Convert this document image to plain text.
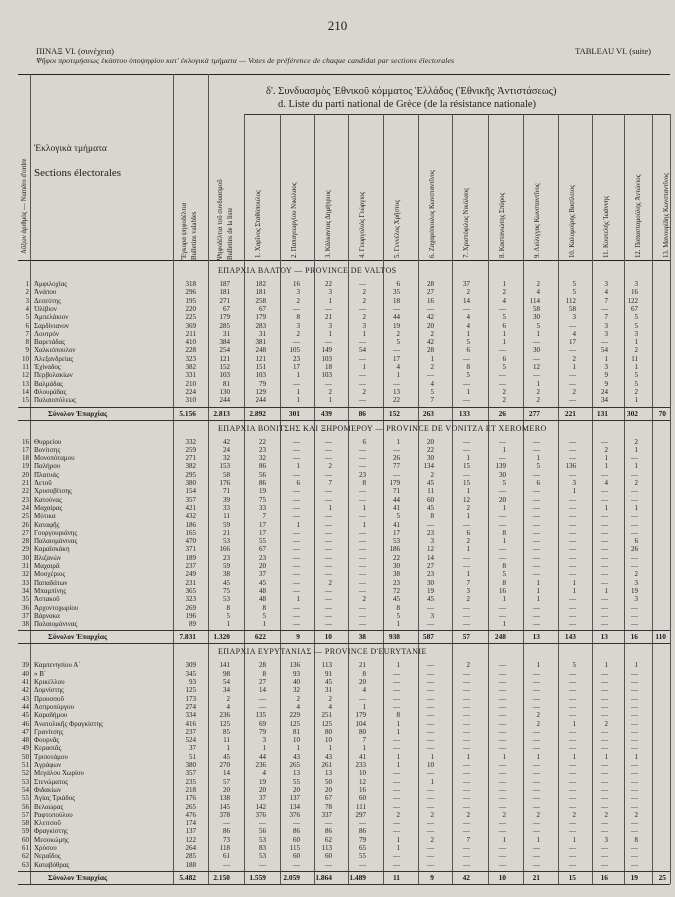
210
ΠΙΝΑΞ VI. (συνέχεια)	TABLEAU VI. (suite)
Ψῆφοι προτιμήσεως ἑκάστου ὑποψηφίου κατ' ἐκλογικὰ τμήματα — Votes de préférence de chaque candidat par sections électorales
Αὔξων ἀριθμός — Numéro d'ordre
Ἐκλογικὰ τμήματα
Sections électorales
Ἔγκυρα ψηφοδέλτια Bulletins valables	Ψηφοδέλτια τοῦ συνδυασμοῦ Bulletins de la liste
δ'. Συνδυασμὸς Ἐθνικοῦ κόμματος Ἑλλάδος (Ἐθνικῆς Ἀντιστάσεως)
d. Liste du parti national de Grèce (de la résistance nationale)
1. Χαρῖνος Σταθόπουλος	2. Παπαγεωργίου Νικόλαος	3. Κάλκαντας Δημήτριος	4. Γεωργολιός Γεώργιος	5. Γεννέλος Χρῆστος	6. Ζαχαρόπουλος Κωνσταντῖνος	7. Χριστόφιλος Νικόλαος	8. Καστανιώτης Σπύρος	9. Λιόλιγγας Κωνσταντῖνος	10. Καλομοίρης Βασίλειος	11. Κουτελής Ἰωάννης	12. Παπασταμούλης Ἀντώνιος	13. Μανουρίδης Κωνσταντῖνος
ΕΠΑΡΧΙΑ ΒΑΛΤΟΥ — PROVINCE DE VALTOS
1 Ἀμφιλοχίας	318	187	182	16	22	—	6	28	37	1	2	5	3	3
2 Ἀνάπου	296	181	181	3	3	2	35	27	2	2	4	5	4	16
3 Δεσεύτης	195	271	258	2	1	2	18	16	14	4	114	112	7	122
4 Ὀλίβιον	220	67	67	—	—	—	—	—	—	—	58	58	—	67
5 Ἀμπελάκιον	225	179	179	8	21	2	44	42	4	5	30	3	7	5
6 Σαρδίνιανον	369	285	283	3	3	3	19	20	4	6	5	—	3	5
7 Λουτρόν	211	31	31	2	1	1	2	2	1	1	1	4	3	3
8 Βαρετάδας	410	384	381	—	—	—	5	42	5	1	—	17	—	1
9 Χαλκιόπουλον	228	254	248	105	149	54	—	28	6	—	30	—	54	2
10 Ἀλεξανδρείας	323	121	121	23	103	—	17	1	—	6	—	2	1	11
11 Ἐχίναδος	382	152	151	17	18	1	4	2	8	5	12	1	3	1
12 Περβολακίων	331	103	103	1	103	—	1	—	5	—	—	—	9	5
13 Βαλμάδας	210	81	79	—	—	—	—	4	—	—	1	—	9	5
14 Φλουράδας	224	130	129	1	2	2	13	5	1	2	2	2	24	2
15 Παλαιοπόλεως	310	244	244	1	1	—	22	7	—	2	2	—	34	1
Σύνολον Ἐπαρχίας	5.156	2.813	2.892	301	439	86	152	263	133	26	277	221	131	302	70
ΕΠΑΡΧΙΑ ΒΟΝΙΤΣΗΣ ΚΑΙ ΞΗΡΟΜΕΡΟΥ — PROVINCE DE VONITZA ET XEROMERO
16 Θυρρείου	332	42	22	—	—	6	1	20	—	—	—	—	—	2
17 Βονίτσης	259	24	23	—	—	—	—	22	—	1	—	—	2	1
18 Μονοπόταμου	271	32	32	—	—	—	26	30	1	—	1	—	1	—
19 Παλήρου	382	153	86	1	2	—	77	134	15	139	5	136	1	1
20 Πλατυάς	295	58	56	—	—	23	—	2	—	30	—	—	—	—
21 Ἀετοῦ	380	176	86	6	7	8	179	45	15	5	6	3	4	2
22 Χρυσοβίτσης	154	71	19	—	—	—	71	11	1	—	—	1	—	—
23 Κατούνας	357	39	75	—	—	—	44	60	12	20	—	—	—	—
24 Μαχαίρας	421	33	33	—	1	1	41	45	2	1	—	—	1	1
25 Μύτικα	432	11	7	—	—	—	5	8	1	—	—	—	—	—
26 Καταφῆς	186	59	17	1	—	1	41	—	—	—	—	—	—	—
27 Γουργουριάνης	165	21	17	—	—	—	17	23	6	8	—	—	—	—
28 Παλαιομάνινας	470	53	55	—	—	—	53	3	2	1	—	—	—	6
29 Καραϊσκάκη	371	166	67	—	—	—	186	12	1	—	—	—	—	26
30 Βλιζανών	189	23	23	—	—	—	22	14	—	—	—	—	—	—
31 Μαχαιρᾶ	237	59	20	—	—	—	30	27	—	8	—	—	—	—
32 Μοσχέριος	249	38	37	—	—	—	38	23	1	5	—	—	—	2
33 Παπαδάτων	231	45	45	—	2	—	23	30	7	8	1	1	—	3
34 Μπαμπίνης	365	75	48	—	—	—	72	19	3	16	1	1	1	19
35 Ἀστακοῦ	323	53	48	1	—	2	45	45	2	1	1	—	—	3
36 Ἀρχοντοχωρίου	269	8	8	—	—	—	8	—	—	—	—	—	—	—
37 Βάρνακα	196	5	5	—	—	—	5	3	—	—	—	—	—	—
38 Παλαιομάνινας	89	1	1	—	—	—	1	—	—	1	—	—	—	—
Σύνολον Ἐπαρχίας	7.831	1.320	622	9	10	38	938	587	57	248	13	143	13	16	110
ΕΠΑΡΧΙΑ ΕΥΡΥΤΑΝΙΑΣ — PROVINCE D'EURYTANIE
39 Καρπενησίου Α΄	309	141	28	136	113	21	1	—	2	—	1	5	1	1
40 » Β΄	345	98	8	93	91	8	—	—	—	—	—	—	—	—
41 Κρικέλλου	93	54	27	40	45	20	—	—	—	—	—	—	—	—
42 Δομνίστης	125	34	14	32	31	4	—	—	—	—	—	—	—	—
43 Προυσσοῦ	173	2	—	2	2	—	—	—	—	—	—	—	—	—
44 Ἀσπροπύργου	274	4	—	4	4	1	—	—	—	—	—	—	—	—
45 Καραδήμου	334	236	135	229	251	179	8	—	—	—	2	—	—	—
46 Ἀνατολικῆς Φραγκίστης	416	125	69	125	125	104	1	—	—	—	2	1	2	—
47 Γρανίτσης	237	85	79	81	80	80	1	—	—	—	—	—	—	—
48 Φουρνᾶς	524	11	3	10	10	7	—	—	—	—	—	—	—	—
49 Κερασιᾶς	37	1	1	1	1	1	—	—	—	—	—	—	—	—
50 Τριποτάμου	51	45	44	43	43	41	1	1	1	1	1	1	1	1
51 Ἀγράφων	380	270	236	265	261	233	1	10	—	—	—	—	—	—
52 Μεγάλου Χωρίου	357	14	4	13	13	10	—	—	—	—	—	—	—	—
53 Στενώματος	235	57	19	55	50	12	—	1	—	—	—	—	—	—
54 Φιδακίων	218	20	20	20	20	16	—	—	—	—	—	—	—	—
55 Ἁγίας Τριάδος	176	138	37	137	67	60	—	—	—	—	—	—	—	—
56 Βελαώρας	265	145	142	134	78	111	—	—	—	—	—	—	—	—
57 Ραφτοπούλου	476	378	376	376	337	297	2	2	2	2	2	2	2	2
58 Κλειτσοῦ	174	—	—	—	—	—	—	—	—	—	—	—	—	—
59 Φραγκίστης	137	86	56	86	86	86	—	—	—	—	—	—	—	—
60 Μεσοκώμης	122	73	53	60	62	79	1	2	7	1	1	1	3	8
61 Χρύσου	264	118	83	115	113	65	1	—	—	—	—	—	—	—
62 Νεραΐδος	285	61	53	60	60	55	—	—	—	—	—	—	—	—
63 Καταβόθρας	188	—	—	—	—	—	—	—	—	—	—	—	—	—
Σύνολον Ἐπαρχίας	5.482	2.150	1.559	2.059	1.864	1.489	11	9	42	10	21	15	16	19	25
